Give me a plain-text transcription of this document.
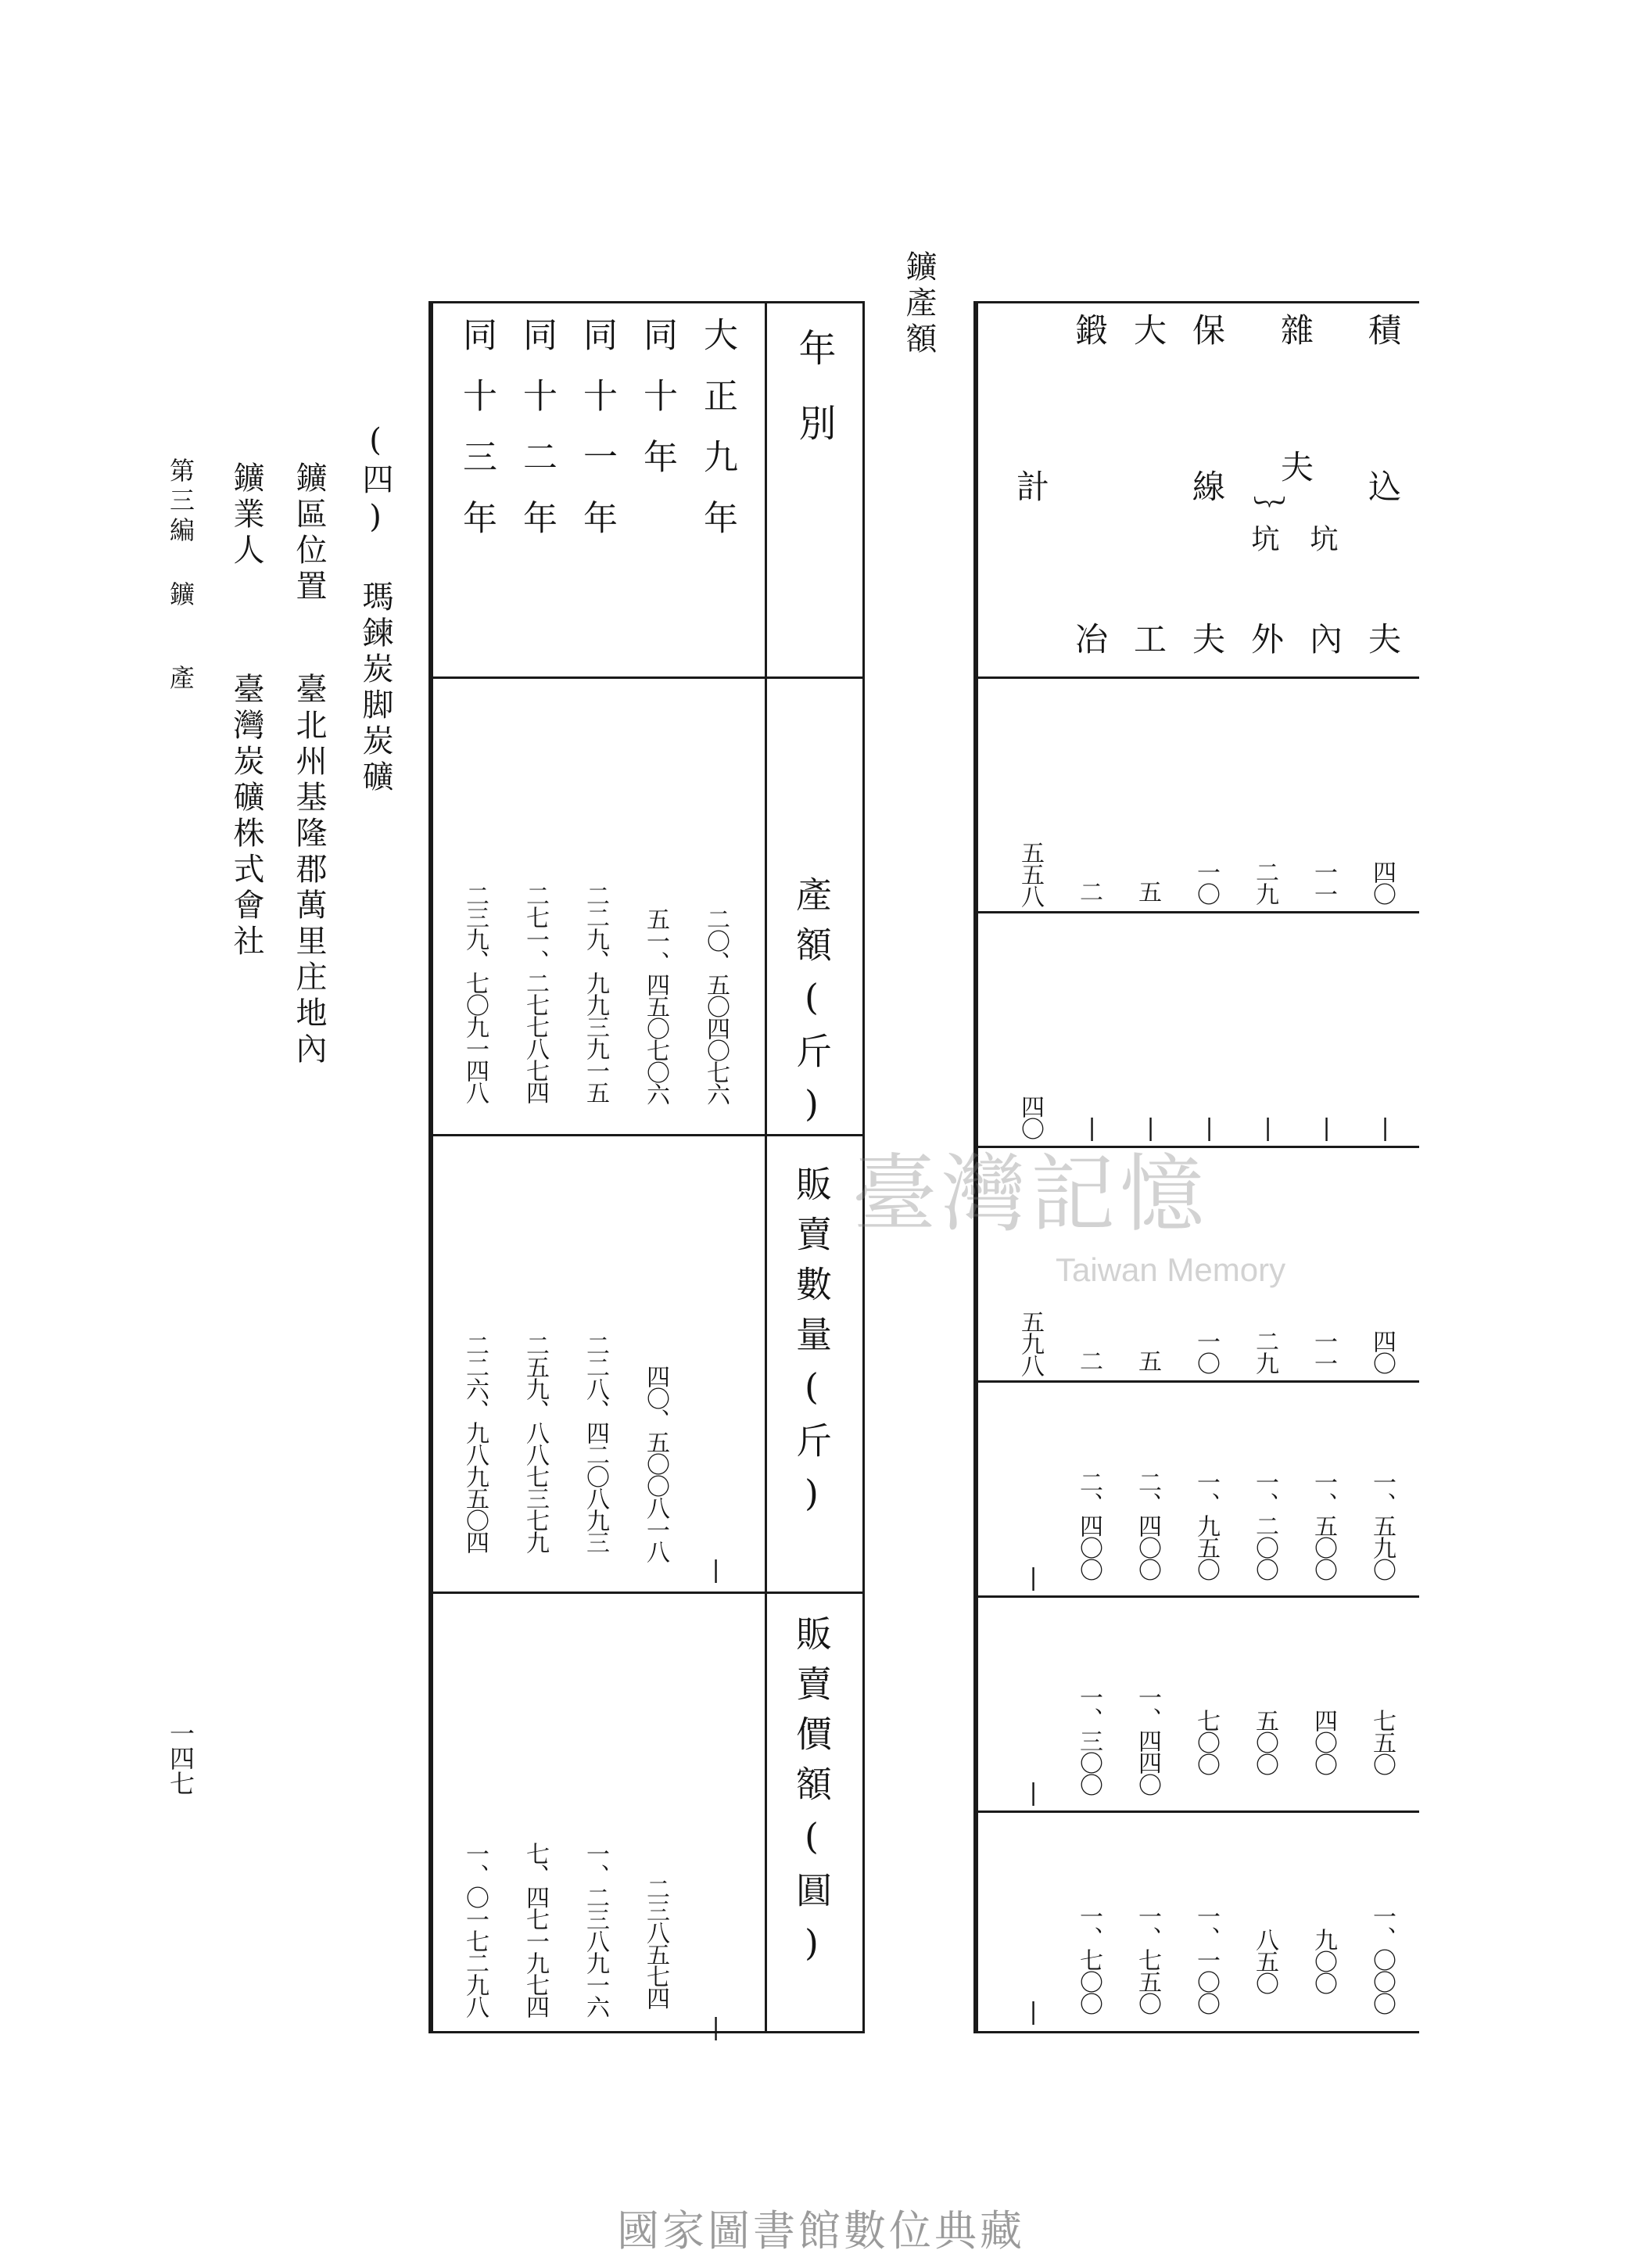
(四) 瑪鍊炭脚炭礦
鑛區位置
臺北州基隆郡萬里庄地內
鑛業人
臺灣炭礦株式會社
第三編 鑛
產
一四七
年別
產額(斤)
販賣數量(斤)
販賣價額(圓)
大正九年
同十年
同十一年
同十二年
同十三年
二〇、五〇四〇七六
五一、四五〇七〇六
二二九、九九三九一五
二七一、二七七八七四
二三九、七〇九一四八
|
四〇、五〇〇八一八
二二八、四二〇八九三
二五九、八八七三七九
二二六、九八九五〇四
|
二三八五七四
一、二三八九一六
七、四七一九七四
一、〇一七二九八
鑛產額	積
込
夫
雜
夫
︸
坑
內
坑
外
保
線
夫
大
工
鍛
冶
計
四〇
一一
二九
一〇
五
二
五五八
|
|
|
|
|
|
四〇
四〇
一一
二九
一〇
五
二
五九八
一、五九〇
一、五〇〇
一、二〇〇
一、九五〇
二、四〇〇
二、四〇〇
|
七五〇
四〇〇
五〇〇
七〇〇
一、四四〇
一、三〇〇
|
一、〇〇〇
九〇〇
八五〇
一、一〇〇
一、七五〇
一、七〇〇
|
臺灣記憶
Taiwan Memory
國家圖書館數位典藏
